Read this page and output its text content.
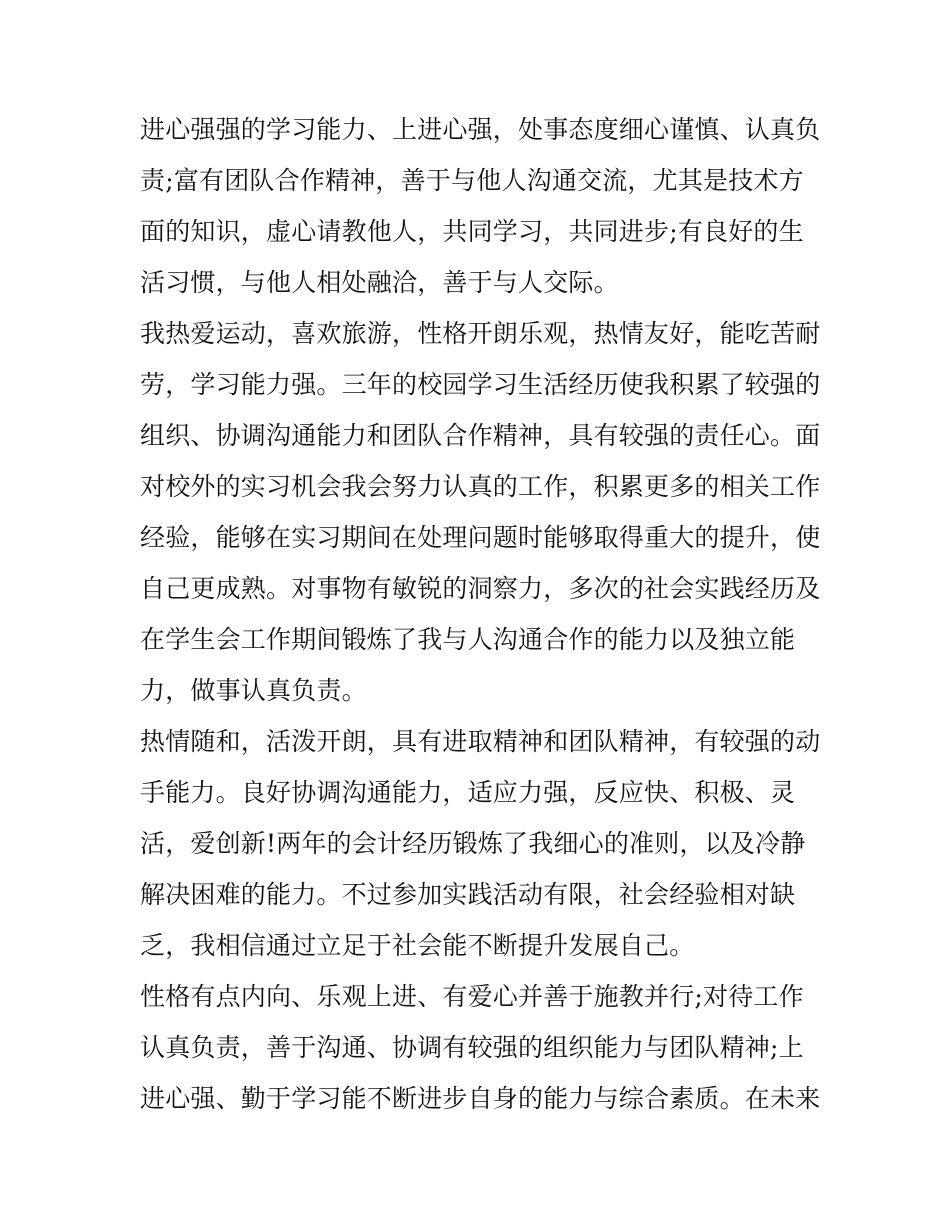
进心强强的学习能力、上进心强，处事态度细心谨慎、认真负
责;富有团队合作精神，善于与他人沟通交流，尤其是技术方
面的知识，虚心请教他人，共同学习，共同进步;有良好的生
活习惯，与他人相处融洽，善于与人交际。
我热爱运动，喜欢旅游，性格开朗乐观，热情友好，能吃苦耐
劳，学习能力强。三年的校园学习生活经历使我积累了较强的
组织、协调沟通能力和团队合作精神，具有较强的责任心。面
对校外的实习机会我会努力认真的工作，积累更多的相关工作
经验，能够在实习期间在处理问题时能够取得重大的提升，使
自己更成熟。对事物有敏锐的洞察力，多次的社会实践经历及
在学生会工作期间锻炼了我与人沟通合作的能力以及独立能
力，做事认真负责。
热情随和，活泼开朗，具有进取精神和团队精神，有较强的动
手能力。良好协调沟通能力，适应力强，反应快、积极、灵
活，爱创新!两年的会计经历锻炼了我细心的准则，以及冷静
解决困难的能力。不过参加实践活动有限，社会经验相对缺
乏，我相信通过立足于社会能不断提升发展自己。
性格有点内向、乐观上进、有爱心并善于施教并行;对待工作
认真负责，善于沟通、协调有较强的组织能力与团队精神;上
进心强、勤于学习能不断进步自身的能力与综合素质。在未来
